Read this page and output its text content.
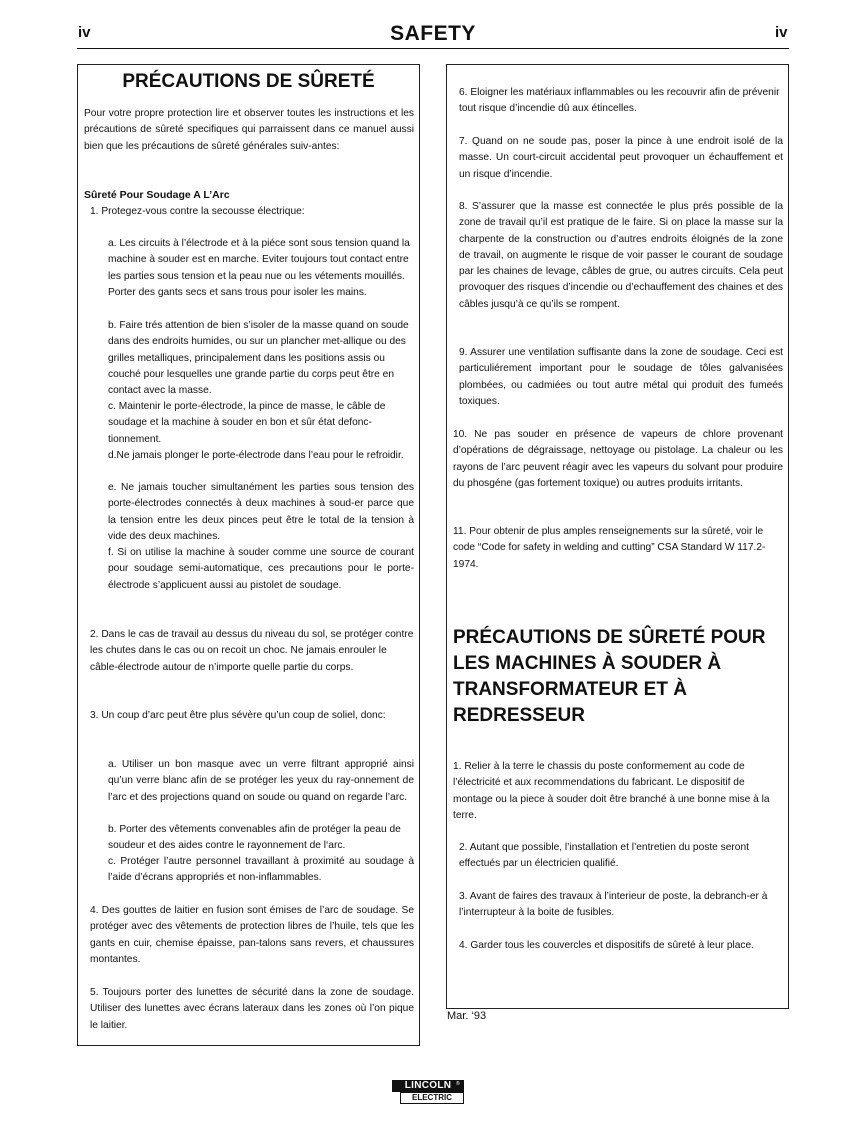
iv	SAFETY	iv
PRÉCAUTIONS DE SÛRETÉ
Pour votre propre protection lire et observer toutes les instructions et les précautions de sûreté specifiques qui parraissent dans ce manuel aussi bien que les précautions de sûreté générales suiv-antes:
Sûreté Pour Soudage A L’Arc
1. Protegez-vous contre la secousse électrique:
a. Les circuits à l’électrode et à la piéce sont sous tension quand la machine à souder est en marche. Eviter toujours tout contact entre les parties sous tension et la peau nue ou les vétements mouillés. Porter des gants secs et sans trous pour isoler les mains.
b. Faire trés attention de bien s’isoler de la masse quand on soude dans des endroits humides, ou sur un plancher met-allique ou des grilles metalliques, principalement dans les positions assis ou couché pour lesquelles une grande partie du corps peut être en contact avec la masse.
c. Maintenir le porte-électrode, la pince de masse, le câble de soudage et la machine à souder en bon et sûr état defonc-tionnement.
d.Ne jamais plonger le porte-électrode dans l’eau pour le refroidir.
e. Ne jamais toucher simultanément les parties sous tension des porte-électrodes connectés à deux machines à soud-er parce que la tension entre les deux pinces peut être le total de la tension à vide des deux machines.
f. Si on utilise la machine à souder comme une source de courant pour soudage semi-automatique, ces precautions pour le porte-électrode s’applicuent aussi au pistolet de soudage.
2. Dans le cas de travail au dessus du niveau du sol, se protéger contre les chutes dans le cas ou on recoit un choc. Ne jamais enrouler le câble-électrode autour de n’importe quelle partie du corps.
3. Un coup d’arc peut être plus sévère qu’un coup de soliel, donc:
a. Utiliser un bon masque avec un verre filtrant approprié ainsi qu’un verre blanc afin de se protéger les yeux du ray-onnement de l’arc et des projections quand on soude ou quand on regarde l’arc.
b. Porter des vêtements convenables afin de protéger la peau de soudeur et des aides contre le rayonnement de l‘arc.
c. Protéger l’autre personnel travaillant à proximité au soudage à l’aide d’écrans appropriés et non-inflammables.
4. Des gouttes de laitier en fusion sont émises de l’arc de soudage. Se protéger avec des vêtements de protection libres de l’huile, tels que les gants en cuir, chemise épaisse, pan-talons sans revers, et chaussures montantes.
5. Toujours porter des lunettes de sécurité dans la zone de soudage. Utiliser des lunettes avec écrans lateraux dans les zones où l’on pique le laitier.
6. Eloigner les matériaux inflammables ou les recouvrir afin de prévenir tout risque d’incendie dû aux étincelles.
7. Quand on ne soude pas, poser la pince à une endroit isolé de la masse. Un court-circuit accidental peut provoquer un échauffement et un risque d’incendie.
8. S’assurer que la masse est connectée le plus prés possible de la zone de travail qu’il est pratique de le faire. Si on place la masse sur la charpente de la construction ou d’autres endroits éloignés de la zone de travail, on augmente le risque de voir passer le courant de soudage par les chaines de levage, câbles de grue, ou autres circuits. Cela peut provoquer des risques d’incendie ou d’echauffement des chaines et des câbles jusqu’à ce qu’ils se rompent.
9. Assurer une ventilation suffisante dans la zone de soudage. Ceci est particuliérement important pour le soudage de tôles galvanisées plombées, ou cadmiées ou tout autre métal qui produit des fumeés toxiques.
10. Ne pas souder en présence de vapeurs de chlore provenant d’opérations de dégraissage, nettoyage ou pistolage. La chaleur ou les rayons de l’arc peuvent réagir avec les vapeurs du solvant pour produire du phosgéne (gas fortement toxique) ou autres produits irritants.
11. Pour obtenir de plus amples renseignements sur la sûreté, voir le code “Code for safety in welding and cutting” CSA Standard W 117.2-1974.
PRÉCAUTIONS DE SÛRETÉ POUR LES MACHINES À SOUDER À TRANSFORMATEUR ET À REDRESSEUR
1. Relier à la terre le chassis du poste conformement au code de l’électricité et aux recommendations du fabricant. Le dispositif de montage ou la piece à souder doit être branché à une bonne mise à la terre.
2. Autant que possible, l’installation et l’entretien du poste seront effectués par un électricien qualifié.
3. Avant de faires des travaux à l’interieur de poste, la debranch-er à l’interrupteur à la boite de fusibles.
4. Garder tous les couvercles et dispositifs de sûreté à leur place.
Mar. ‘93
LINCOLN ®
ELECTRIC
